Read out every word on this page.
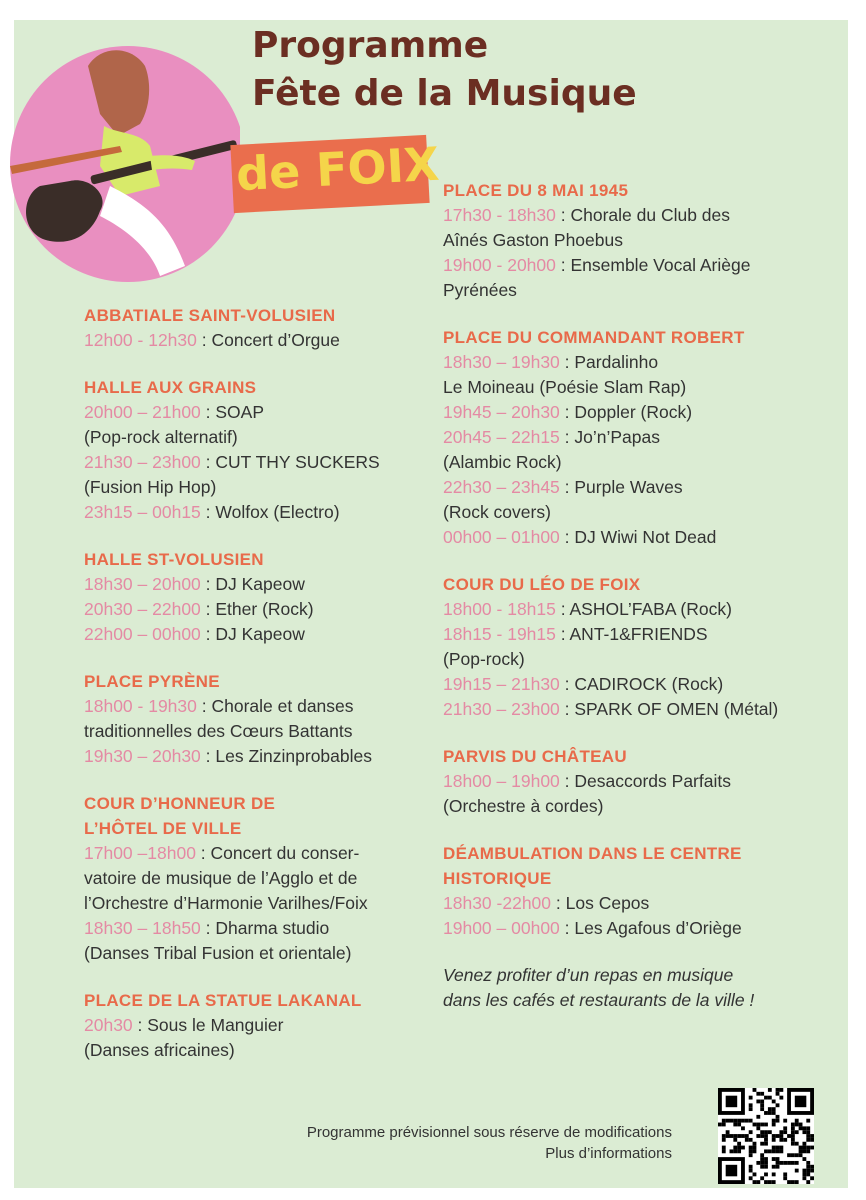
Programme
Fête de la Musique
de FOIX
ABBATIALE SAINT-VOLUSIEN
12h00 - 12h30 : Concert d’Orgue
HALLE AUX GRAINS
20h00 – 21h00 : SOAP
(Pop-rock alternatif)
21h30 – 23h00 : CUT THY SUCKERS
(Fusion Hip Hop)
23h15 – 00h15 : Wolfox (Electro)
HALLE ST-VOLUSIEN
18h30 – 20h00 : DJ Kapeow
20h30 – 22h00 : Ether (Rock)
22h00 – 00h00 : DJ Kapeow
PLACE PYRÈNE
18h00 - 19h30 : Chorale et danses
traditionnelles des Cœurs Battants
19h30 – 20h30 : Les Zinzinprobables
COUR D’HONNEUR DE
L’HÔTEL DE VILLE
17h00 –18h00 : Concert du conser-
vatoire de musique de l’Agglo et de
l’Orchestre d’Harmonie Varilhes/Foix
18h30 – 18h50 : Dharma studio
(Danses Tribal Fusion et orientale)
PLACE DE LA STATUE LAKANAL
20h30 : Sous le Manguier
(Danses africaines)
PLACE DU 8 MAI 1945
17h30 - 18h30 : Chorale du Club des
Aînés Gaston Phoebus
19h00 - 20h00 : Ensemble Vocal Ariège
Pyrénées
PLACE DU COMMANDANT ROBERT
18h30 – 19h30 : Pardalinho
Le Moineau (Poésie Slam Rap)
19h45 – 20h30 : Doppler (Rock)
20h45 – 22h15 : Jo’n’Papas
(Alambic Rock)
22h30 – 23h45 : Purple Waves
(Rock covers)
00h00 – 01h00 : DJ Wiwi Not Dead
COUR DU LÉO DE FOIX
18h00 - 18h15 : ASHOL’FABA (Rock)
18h15 - 19h15 : ANT-1&FRIENDS
(Pop-rock)
19h15 – 21h30 : CADIROCK (Rock)
21h30 – 23h00 : SPARK OF OMEN (Métal)
PARVIS DU CHÂTEAU
18h00 – 19h00 : Desaccords Parfaits
(Orchestre à cordes)
DÉAMBULATION DANS LE CENTRE
HISTORIQUE
18h30 -22h00 : Los Cepos
19h00 – 00h00 : Les Agafous d’Oriège
Venez profiter d’un repas en musique
dans les cafés et restaurants de la ville !
Programme prévisionnel sous réserve de modifications
Plus d’informations
